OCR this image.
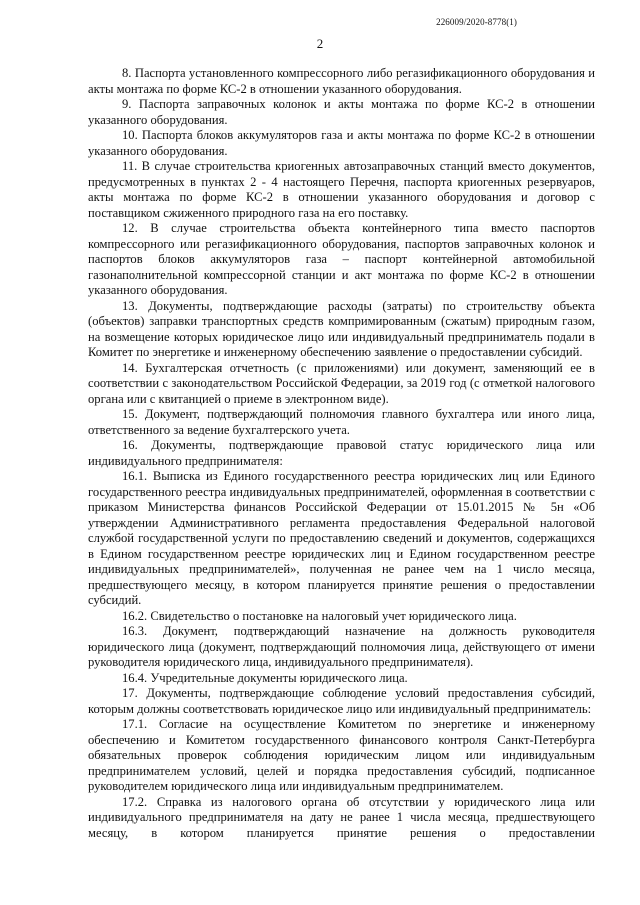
226009/2020-8778(1)
2

8. Паспорта установленного компрессорного либо регазификационного оборудования и акты монтажа по форме КС-2 в отношении указанного оборудования.

9. Паспорта заправочных колонок и акты монтажа по форме КС-2 в отношении указанного оборудования.

10. Паспорта блоков аккумуляторов газа и акты монтажа по форме КС-2 в отношении указанного оборудования.

11. В случае строительства криогенных автозаправочных станций вместо документов, предусмотренных в пунктах 2 - 4 настоящего Перечня, паспорта криогенных резервуаров, акты монтажа по форме КС-2 в отношении указанного оборудования и договор с поставщиком сжиженного природного газа на его поставку.

12. В случае строительства объекта контейнерного типа вместо паспортов компрессорного или регазификационного оборудования, паспортов заправочных колонок и паспортов блоков аккумуляторов газа – паспорт контейнерной автомобильной газонаполнительной компрессорной станции и акт монтажа по форме КС-2 в отношении указанного оборудования.

13. Документы, подтверждающие расходы (затраты) по строительству объекта (объектов) заправки транспортных средств компримированным (сжатым) природным газом, на возмещение которых юридическое лицо или индивидуальный предприниматель подали в Комитет по энергетике и инженерному обеспечению заявление о предоставлении субсидий.

14. Бухгалтерская отчетность (с приложениями) или документ, заменяющий ее в соответствии с законодательством Российской Федерации, за 2019 год (с отметкой налогового органа или с квитанцией о приеме в электронном виде).

15. Документ, подтверждающий полномочия главного бухгалтера или иного лица, ответственного за ведение бухгалтерского учета.

16. Документы, подтверждающие правовой статус юридического лица или индивидуального предпринимателя:

16.1. Выписка из Единого государственного реестра юридических лиц или Единого государственного реестра индивидуальных предпринимателей, оформленная в соответствии с приказом Министерства финансов Российской Федерации от 15.01.2015 № 5н «Об утверждении Административного регламента предоставления Федеральной налоговой службой государственной услуги по предоставлению сведений и документов, содержащихся в Едином государственном реестре юридических лиц и Едином государственном реестре индивидуальных предпринимателей», полученная не ранее чем на 1 число месяца, предшествующего месяцу, в котором планируется принятие решения о предоставлении субсидий.

16.2. Свидетельство о постановке на налоговый учет юридического лица.

16.3. Документ, подтверждающий назначение на должность руководителя юридического лица (документ, подтверждающий полномочия лица, действующего от имени руководителя юридического лица, индивидуального предпринимателя).

16.4. Учредительные документы юридического лица.

17. Документы, подтверждающие соблюдение условий предоставления субсидий, которым должны соответствовать юридическое лицо или индивидуальный предприниматель:

17.1. Согласие на осуществление Комитетом по энергетике и инженерному обеспечению и Комитетом государственного финансового контроля Санкт-Петербурга обязательных проверок соблюдения юридическим лицом или индивидуальным предпринимателем условий, целей и порядка предоставления субсидий, подписанное руководителем юридического лица или индивидуальным предпринимателем.

17.2. Справка из налогового органа об отсутствии у юридического лица или индивидуального предпринимателя на дату не ранее 1 числа месяца, предшествующего месяцу, в котором планируется принятие решения о предоставлении
